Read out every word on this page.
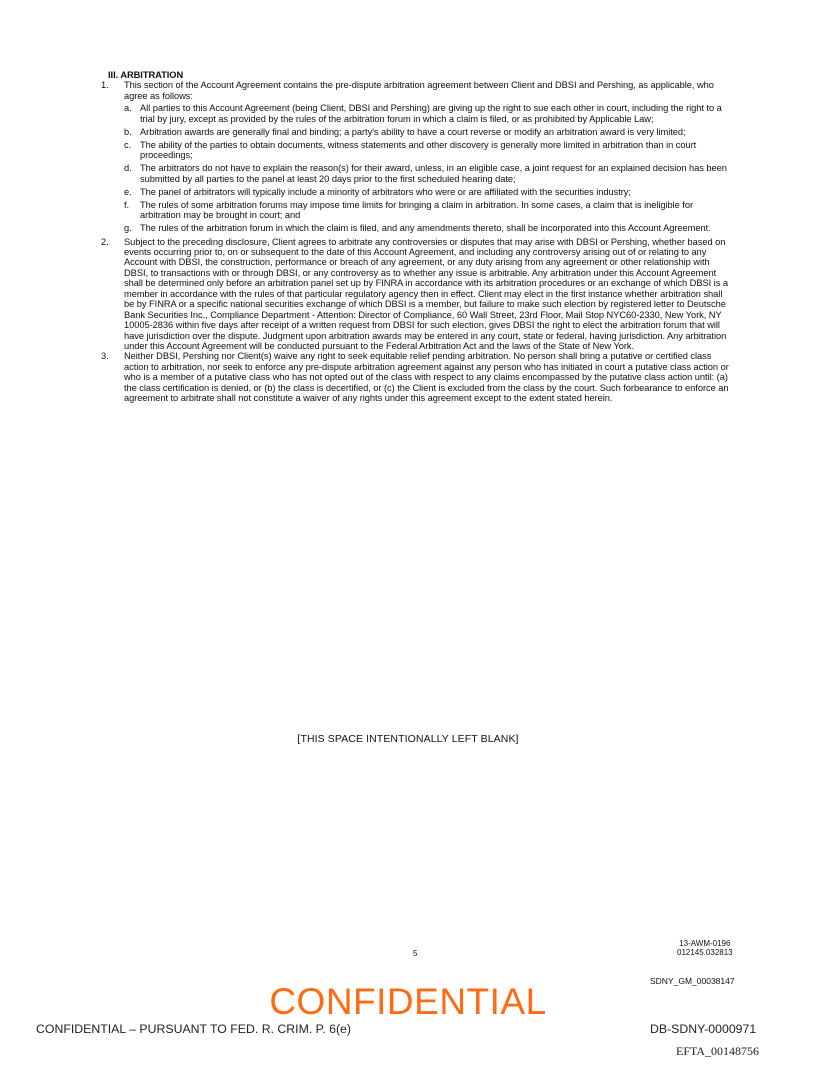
III. ARBITRATION

1. This section of the Account Agreement contains the pre-dispute arbitration agreement between Client and DBSI and Pershing, as applicable, who agree as follows:
a. All parties to this Account Agreement (being Client, DBSI and Pershing) are giving up the right to sue each other in court, including the right to a trial by jury, except as provided by the rules of the arbitration forum in which a claim is filed, or as prohibited by Applicable Law;
b. Arbitration awards are generally final and binding; a party's ability to have a court reverse or modify an arbitration award is very limited;
c. The ability of the parties to obtain documents, witness statements and other discovery is generally more limited in arbitration than in court proceedings;
d. The arbitrators do not have to explain the reason(s) for their award, unless, in an eligible case, a joint request for an explained decision has been submitted by all parties to the panel at least 20 days prior to the first scheduled hearing date;
e. The panel of arbitrators will typically include a minority of arbitrators who were or are affiliated with the securities industry;
f. The rules of some arbitration forums may impose time limits for bringing a claim in arbitration. In some cases, a claim that is ineligible for arbitration may be brought in court; and
g. The rules of the arbitration forum in which the claim is filed, and any amendments thereto, shall be incorporated into this Account Agreement.
2. Subject to the preceding disclosure, Client agrees to arbitrate any controversies or disputes that may arise with DBSI or Pershing, whether based on events occurring prior to, on or subsequent to the date of this Account Agreement, and including any controversy arising out of or relating to any Account with DBSI, the construction, performance or breach of any agreement, or any duty arising from any agreement or other relationship with DBSI, to transactions with or through DBSI, or any controversy as to whether any issue is arbitrable. Any arbitration under this Account Agreement shall be determined only before an arbitration panel set up by FINRA in accordance with its arbitration procedures or an exchange of which DBSI is a member in accordance with the rules of that particular regulatory agency then in effect. Client may elect in the first instance whether arbitration shall be by FINRA or a specific national securities exchange of which DBSI is a member, but failure to make such election by registered letter to Deutsche Bank Securities Inc., Compliance Department - Attention: Director of Compliance, 60 Wall Street, 23rd Floor, Mail Stop NYC60-2330, New York, NY 10005-2836 within five days after receipt of a written request from DBSI for such election, gives DBSI the right to elect the arbitration forum that will have jurisdiction over the dispute. Judgment upon arbitration awards may be entered in any court, state or federal, having jurisdiction. Any arbitration under this Account Agreement will be conducted pursuant to the Federal Arbitration Act and the laws of the State of New York.
3. Neither DBSI, Pershing nor Client(s) waive any right to seek equitable relief pending arbitration. No person shall bring a putative or certified class action to arbitration, nor seek to enforce any pre-dispute arbitration agreement against any person who has initiated in court a putative class action or who is a member of a putative class who has not opted out of the class with respect to any claims encompassed by the putative class action until: (a) the class certification is denied, or (b) the class is decertified, or (c) the Client is excluded from the class by the court. Such forbearance to enforce an agreement to arbitrate shall not constitute a waiver of any rights under this agreement except to the extent stated herein.
[THIS SPACE INTENTIONALLY LEFT BLANK]
5
13-AWM-0196
012145.032813
SDNY_GM_00038147
CONFIDENTIAL
CONFIDENTIAL – PURSUANT TO FED. R. CRIM. P. 6(e)	DB-SDNY-0000971
EFTA_00148756
